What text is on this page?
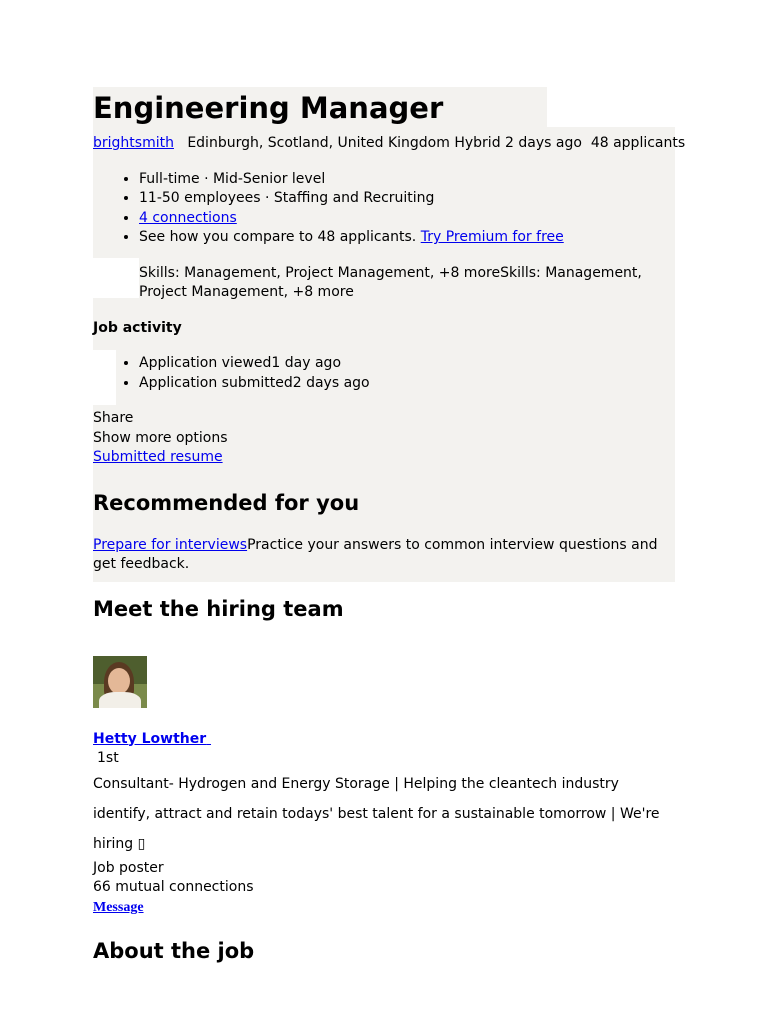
Engineering Manager
brightsmith Edinburgh, Scotland, United Kingdom Hybrid 2 days ago 48 applicants
• Full-time · Mid-Senior level
• 11-50 employees · Staffing and Recruiting
• 4 connections
• See how you compare to 48 applicants. Try Premium for free
Skills: Management, Project Management, +8 moreSkills: Management, Project Management, +8 more
Job activity
• Application viewed1 day ago
• Application submitted2 days ago
Share
Show more options
Submitted resume
Recommended for you
Prepare for interviewsPractice your answers to common interview questions and get feedback.
Meet the hiring team
Hetty Lowther
1st
Consultant- Hydrogen and Energy Storage | Helping the cleantech industry identify, attract and retain todays' best talent for a sustainable tomorrow | We're hiring ▯
Job poster
66 mutual connections
Message
About the job
